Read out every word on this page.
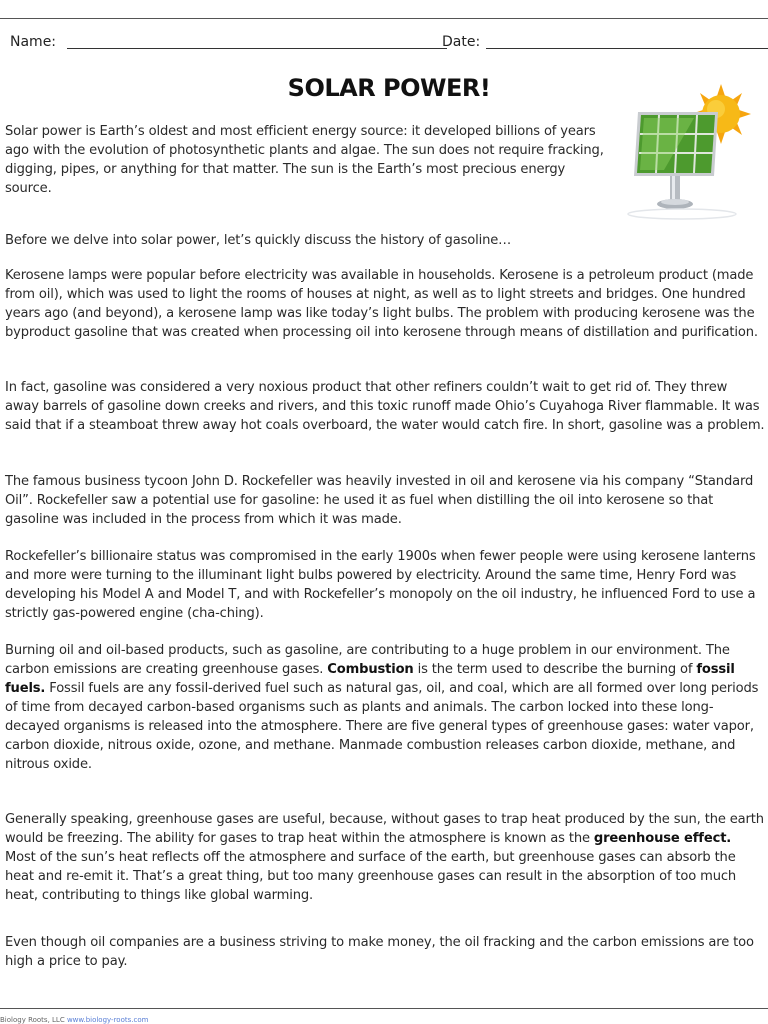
Name:	Date:
SOLAR POWER!

Solar power is Earth’s oldest and most efficient energy source: it developed billions of years ago with the evolution of photosynthetic plants and algae. The sun does not require fracking, digging, pipes, or anything for that matter. The sun is the Earth’s most precious energy source.

Before we delve into solar power, let’s quickly discuss the history of gasoline…

Kerosene lamps were popular before electricity was available in households. Kerosene is a petroleum product (made from oil), which was used to light the rooms of houses at night, as well as to light streets and bridges. One hundred years ago (and beyond), a kerosene lamp was like today’s light bulbs. The problem with producing kerosene was the byproduct gasoline that was created when processing oil into kerosene through means of distillation and purification.

In fact, gasoline was considered a very noxious product that other refiners couldn’t wait to get rid of. They threw away barrels of gasoline down creeks and rivers, and this toxic runoff made Ohio’s Cuyahoga River flammable. It was said that if a steamboat threw away hot coals overboard, the water would catch fire. In short, gasoline was a problem.

The famous business tycoon John D. Rockefeller was heavily invested in oil and kerosene via his company “Standard Oil”. Rockefeller saw a potential use for gasoline: he used it as fuel when distilling the oil into kerosene so that gasoline was included in the process from which it was made.

Rockefeller’s billionaire status was compromised in the early 1900s when fewer people were using kerosene lanterns and more were turning to the illuminant light bulbs powered by electricity. Around the same time, Henry Ford was developing his Model A and Model T, and with Rockefeller’s monopoly on the oil industry, he influenced Ford to use a strictly gas-powered engine (cha-ching).

Burning oil and oil-based products, such as gasoline, are contributing to a huge problem in our environment. The carbon emissions are creating greenhouse gases. Combustion is the term used to describe the burning of fossil fuels. Fossil fuels are any fossil-derived fuel such as natural gas, oil, and coal, which are all formed over long periods of time from decayed carbon-based organisms such as plants and animals. The carbon locked into these long-decayed organisms is released into the atmosphere. There are five general types of greenhouse gases: water vapor, carbon dioxide, nitrous oxide, ozone, and methane. Manmade combustion releases carbon dioxide, methane, and nitrous oxide.

Generally speaking, greenhouse gases are useful, because, without gases to trap heat produced by the sun, the earth would be freezing. The ability for gases to trap heat within the atmosphere is known as the greenhouse effect. Most of the sun’s heat reflects off the atmosphere and surface of the earth, but greenhouse gases can absorb the heat and re-emit it. That’s a great thing, but too many greenhouse gases can result in the absorption of too much heat, contributing to things like global warming.

Even though oil companies are a business striving to make money, the oil fracking and the carbon emissions are too high a price to pay.

Biology Roots, LLC www.biology-roots.com
